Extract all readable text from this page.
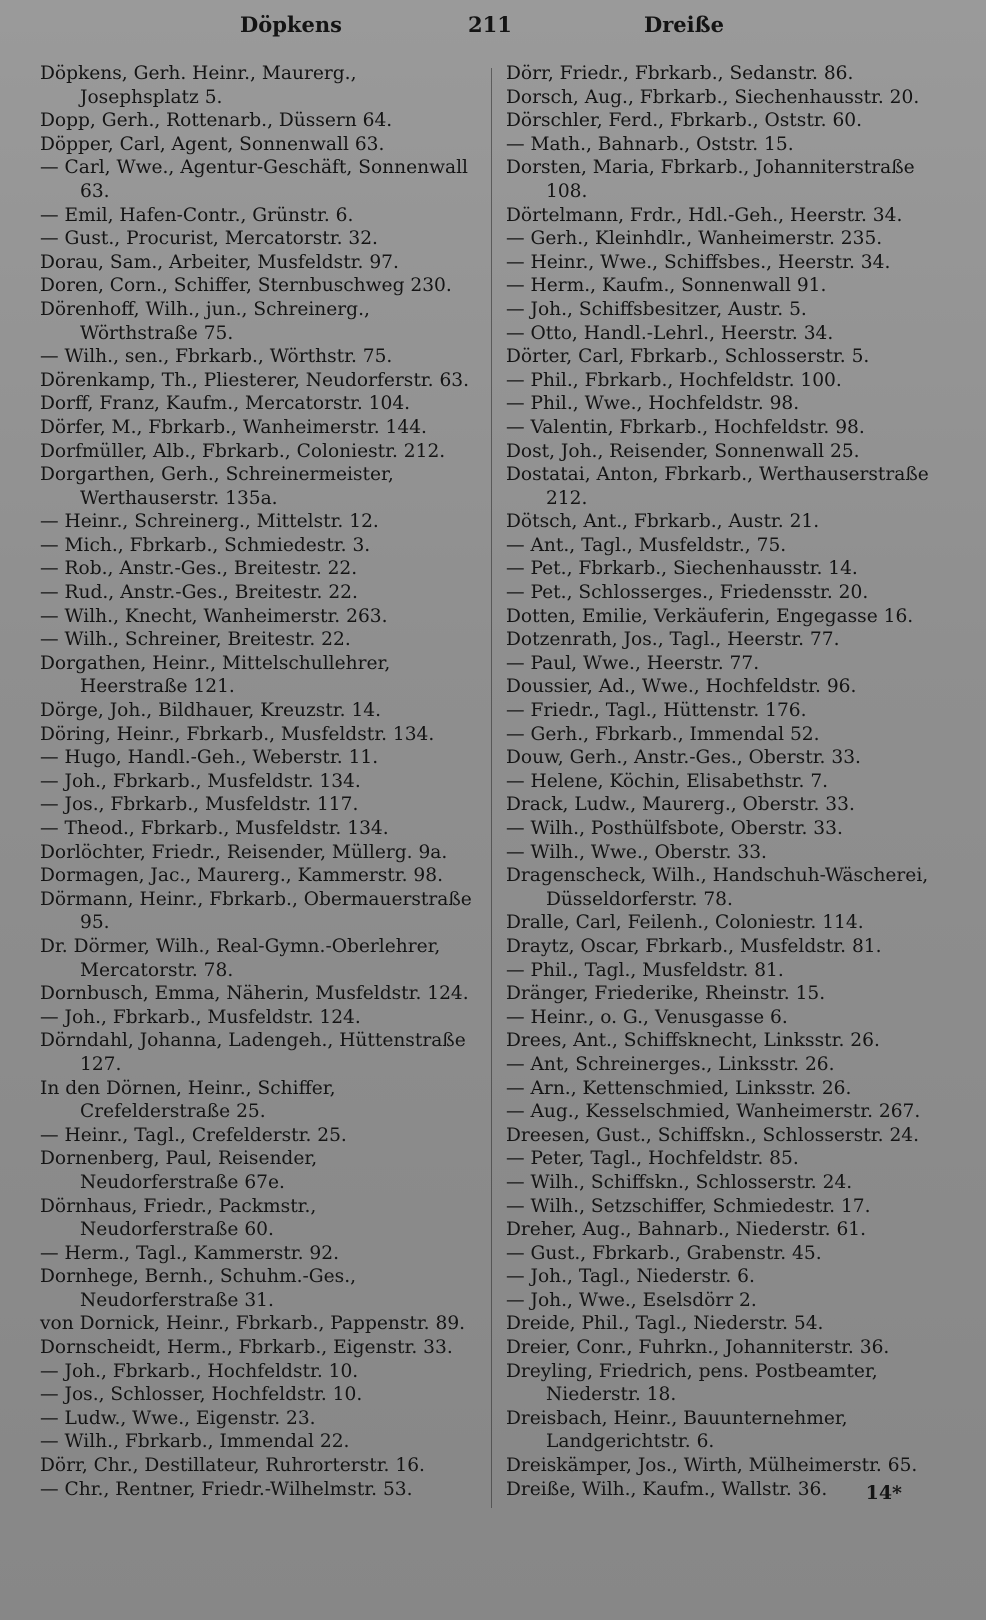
Döpkens	211	Dreiße
Döpkens, Gerh. Heinr., Maurerg., Josephsplatz 5.
Dopp, Gerh., Rottenarb., Düssern 64.
Döpper, Carl, Agent, Sonnenwall 63.
— Carl, Wwe., Agentur-Geschäft, Sonnenwall 63.
— Emil, Hafen-Contr., Grünstr. 6.
— Gust., Procurist, Mercatorstr. 32.
Dorau, Sam., Arbeiter, Musfeldstr. 97.
Doren, Corn., Schiffer, Sternbuschweg 230.
Dörenhoff, Wilh., jun., Schreinerg., Wörthstraße 75.
— Wilh., sen., Fbrkarb., Wörthstr. 75.
Dörenkamp, Th., Pliesterer, Neudorferstr. 63.
Dorff, Franz, Kaufm., Mercatorstr. 104.
Dörfer, M., Fbrkarb., Wanheimerstr. 144.
Dorfmüller, Alb., Fbrkarb., Coloniestr. 212.
Dorgarthen, Gerh., Schreinermeister, Werthauserstr. 135a.
— Heinr., Schreinerg., Mittelstr. 12.
— Mich., Fbrkarb., Schmiedestr. 3.
— Rob., Anstr.-Ges., Breitestr. 22.
— Rud., Anstr.-Ges., Breitestr. 22.
— Wilh., Knecht, Wanheimerstr. 263.
— Wilh., Schreiner, Breitestr. 22.
Dorgathen, Heinr., Mittelschullehrer, Heerstraße 121.
Dörge, Joh., Bildhauer, Kreuzstr. 14.
Döring, Heinr., Fbrkarb., Musfeldstr. 134.
— Hugo, Handl.-Geh., Weberstr. 11.
— Joh., Fbrkarb., Musfeldstr. 134.
— Jos., Fbrkarb., Musfeldstr. 117.
— Theod., Fbrkarb., Musfeldstr. 134.
Dorlöchter, Friedr., Reisender, Müllerg. 9a.
Dormagen, Jac., Maurerg., Kammerstr. 98.
Dörmann, Heinr., Fbrkarb., Obermauerstraße 95.
Dr. Dörmer, Wilh., Real-Gymn.-Oberlehrer, Mercatorstr. 78.
Dornbusch, Emma, Näherin, Musfeldstr. 124.
— Joh., Fbrkarb., Musfeldstr. 124.
Dörndahl, Johanna, Ladengeh., Hüttenstraße 127.
In den Dörnen, Heinr., Schiffer, Crefelderstraße 25.
— Heinr., Tagl., Crefelderstr. 25.
Dornenberg, Paul, Reisender, Neudorferstraße 67e.
Dörnhaus, Friedr., Packmstr., Neudorferstraße 60.
— Herm., Tagl., Kammerstr. 92.
Dornhege, Bernh., Schuhm.-Ges., Neudorferstraße 31.
von Dornick, Heinr., Fbrkarb., Pappenstr. 89.
Dornscheidt, Herm., Fbrkarb., Eigenstr. 33.
— Joh., Fbrkarb., Hochfeldstr. 10.
— Jos., Schlosser, Hochfeldstr. 10.
— Ludw., Wwe., Eigenstr. 23.
— Wilh., Fbrkarb., Immendal 22.
Dörr, Chr., Destillateur, Ruhrorterstr. 16.
— Chr., Rentner, Friedr.-Wilhelmstr. 53.
Dörr, Friedr., Fbrkarb., Sedanstr. 86.
Dorsch, Aug., Fbrkarb., Siechenhausstr. 20.
Dörschler, Ferd., Fbrkarb., Oststr. 60.
— Math., Bahnarb., Oststr. 15.
Dorsten, Maria, Fbrkarb., Johanniterstraße 108.
Dörtelmann, Frdr., Hdl.-Geh., Heerstr. 34.
— Gerh., Kleinhdlr., Wanheimerstr. 235.
— Heinr., Wwe., Schiffsbes., Heerstr. 34.
— Herm., Kaufm., Sonnenwall 91.
— Joh., Schiffsbesitzer, Austr. 5.
— Otto, Handl.-Lehrl., Heerstr. 34.
Dörter, Carl, Fbrkarb., Schlosserstr. 5.
— Phil., Fbrkarb., Hochfeldstr. 100.
— Phil., Wwe., Hochfeldstr. 98.
— Valentin, Fbrkarb., Hochfeldstr. 98.
Dost, Joh., Reisender, Sonnenwall 25.
Dostatai, Anton, Fbrkarb., Werthauserstraße 212.
Dötsch, Ant., Fbrkarb., Austr. 21.
— Ant., Tagl., Musfeldstr., 75.
— Pet., Fbrkarb., Siechenhausstr. 14.
— Pet., Schlosserges., Friedensstr. 20.
Dotten, Emilie, Verkäuferin, Engegasse 16.
Dotzenrath, Jos., Tagl., Heerstr. 77.
— Paul, Wwe., Heerstr. 77.
Doussier, Ad., Wwe., Hochfeldstr. 96.
— Friedr., Tagl., Hüttenstr. 176.
— Gerh., Fbrkarb., Immendal 52.
Douw, Gerh., Anstr.-Ges., Oberstr. 33.
— Helene, Köchin, Elisabethstr. 7.
Drack, Ludw., Maurerg., Oberstr. 33.
— Wilh., Posthülfsbote, Oberstr. 33.
— Wilh., Wwe., Oberstr. 33.
Dragenscheck, Wilh., Handschuh-Wäscherei, Düsseldorferstr. 78.
Dralle, Carl, Feilenh., Coloniestr. 114.
Draytz, Oscar, Fbrkarb., Musfeldstr. 81.
— Phil., Tagl., Musfeldstr. 81.
Dränger, Friederike, Rheinstr. 15.
— Heinr., o. G., Venusgasse 6.
Drees, Ant., Schiffsknecht, Linksstr. 26.
— Ant, Schreinerges., Linksstr. 26.
— Arn., Kettenschmied, Linksstr. 26.
— Aug., Kesselschmied, Wanheimerstr. 267.
Dreesen, Gust., Schiffskn., Schlosserstr. 24.
— Peter, Tagl., Hochfeldstr. 85.
— Wilh., Schiffskn., Schlosserstr. 24.
— Wilh., Setzschiffer, Schmiedestr. 17.
Dreher, Aug., Bahnarb., Niederstr. 61.
— Gust., Fbrkarb., Grabenstr. 45.
— Joh., Tagl., Niederstr. 6.
— Joh., Wwe., Eselsdörr 2.
Dreide, Phil., Tagl., Niederstr. 54.
Dreier, Conr., Fuhrkn., Johanniterstr. 36.
Dreyling, Friedrich, pens. Postbeamter, Niederstr. 18.
Dreisbach, Heinr., Bauunternehmer, Landgerichtstr. 6.
Dreiskämper, Jos., Wirth, Mülheimerstr. 65.
Dreiße, Wilh., Kaufm., Wallstr. 36.	14*
